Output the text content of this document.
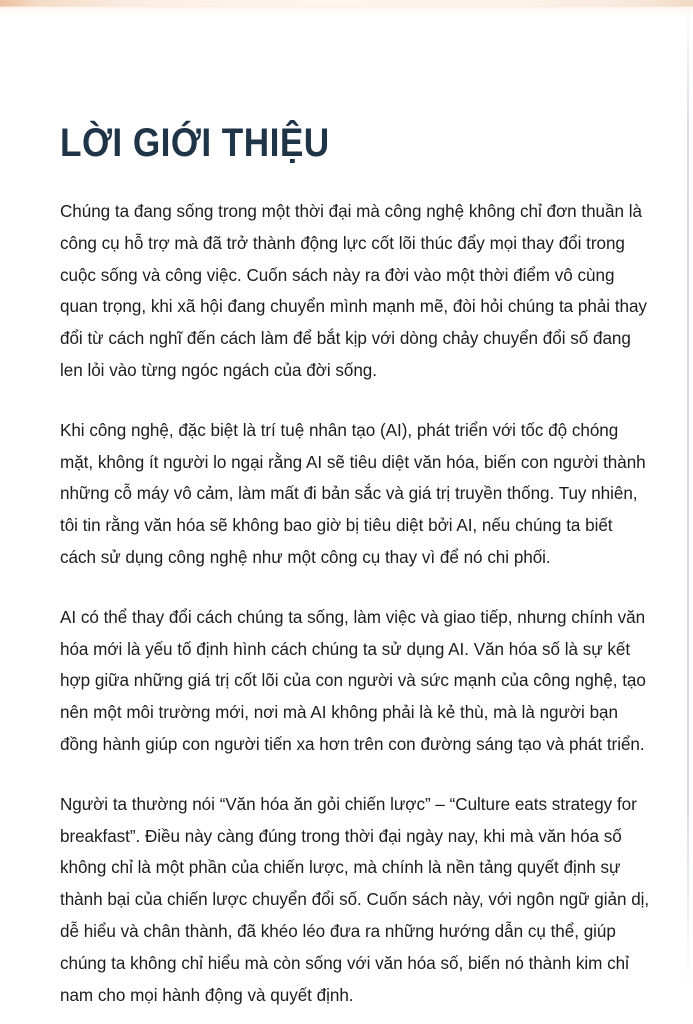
LỜI GIỚI THIỆU

Chúng ta đang sống trong một thời đại mà công nghệ không chỉ đơn thuần là công cụ hỗ trợ mà đã trở thành động lực cốt lõi thúc đẩy mọi thay đổi trong cuộc sống và công việc. Cuốn sách này ra đời vào một thời điểm vô cùng quan trọng, khi xã hội đang chuyển mình mạnh mẽ, đòi hỏi chúng ta phải thay đổi từ cách nghĩ đến cách làm để bắt kịp với dòng chảy chuyển đổi số đang len lỏi vào từng ngóc ngách của đời sống.

Khi công nghệ, đặc biệt là trí tuệ nhân tạo (AI), phát triển với tốc độ chóng mặt, không ít người lo ngại rằng AI sẽ tiêu diệt văn hóa, biến con người thành những cỗ máy vô cảm, làm mất đi bản sắc và giá trị truyền thống. Tuy nhiên, tôi tin rằng văn hóa sẽ không bao giờ bị tiêu diệt bởi AI, nếu chúng ta biết cách sử dụng công nghệ như một công cụ thay vì để nó chi phối.

AI có thể thay đổi cách chúng ta sống, làm việc và giao tiếp, nhưng chính văn hóa mới là yếu tố định hình cách chúng ta sử dụng AI. Văn hóa số là sự kết hợp giữa những giá trị cốt lõi của con người và sức mạnh của công nghệ, tạo nên một môi trường mới, nơi mà AI không phải là kẻ thù, mà là người bạn đồng hành giúp con người tiến xa hơn trên con đường sáng tạo và phát triển.

Người ta thường nói “Văn hóa ăn gỏi chiến lược” – “Culture eats strategy for breakfast”. Điều này càng đúng trong thời đại ngày nay, khi mà văn hóa số không chỉ là một phần của chiến lược, mà chính là nền tảng quyết định sự thành bại của chiến lược chuyển đổi số. Cuốn sách này, với ngôn ngữ giản dị, dễ hiểu và chân thành, đã khéo léo đưa ra những hướng dẫn cụ thể, giúp chúng ta không chỉ hiểu mà còn sống với văn hóa số, biến nó thành kim chỉ nam cho mọi hành động và quyết định.
